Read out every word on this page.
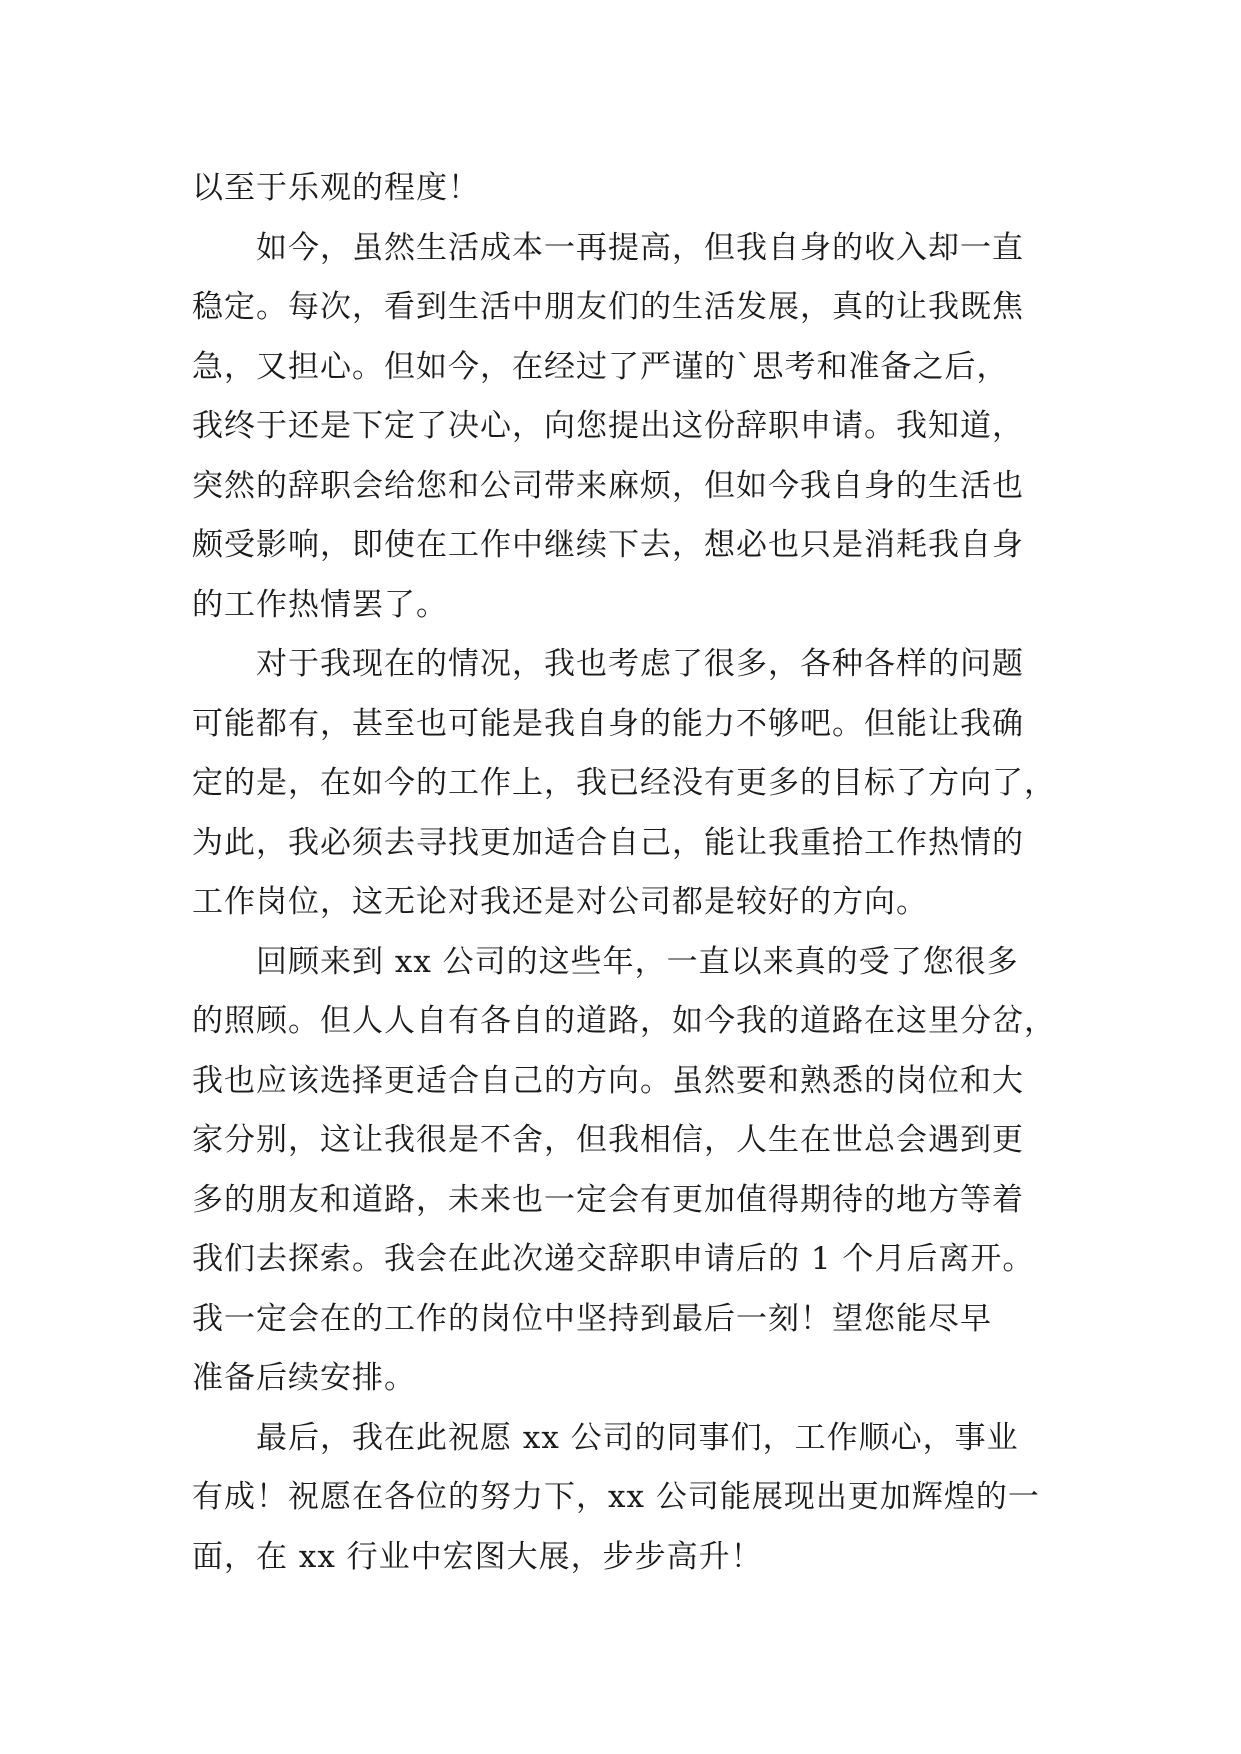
以至于乐观的程度！
如今，虽然生活成本一再提高，但我自身的收入却一直
稳定。每次，看到生活中朋友们的生活发展，真的让我既焦
急，又担心。但如今，在经过了严谨的`思考和准备之后，
我终于还是下定了决心，向您提出这份辞职申请。我知道，
突然的辞职会给您和公司带来麻烦，但如今我自身的生活也
颇受影响，即使在工作中继续下去，想必也只是消耗我自身
的工作热情罢了。
对于我现在的情况，我也考虑了很多，各种各样的问题
可能都有，甚至也可能是我自身的能力不够吧。但能让我确
定的是，在如今的工作上，我已经没有更多的目标了方向了，
为此，我必须去寻找更加适合自己，能让我重拾工作热情的
工作岗位，这无论对我还是对公司都是较好的方向。
回顾来到 xx 公司的这些年，一直以来真的受了您很多
的照顾。但人人自有各自的道路，如今我的道路在这里分岔，
我也应该选择更适合自己的方向。虽然要和熟悉的岗位和大
家分别，这让我很是不舍，但我相信，人生在世总会遇到更
多的朋友和道路，未来也一定会有更加值得期待的地方等着
我们去探索。我会在此次递交辞职申请后的 1 个月后离开。
我一定会在的工作的岗位中坚持到最后一刻！望您能尽早
准备后续安排。
最后，我在此祝愿 xx 公司的同事们，工作顺心，事业
有成！祝愿在各位的努力下，xx 公司能展现出更加辉煌的一
面，在 xx 行业中宏图大展，步步高升！
